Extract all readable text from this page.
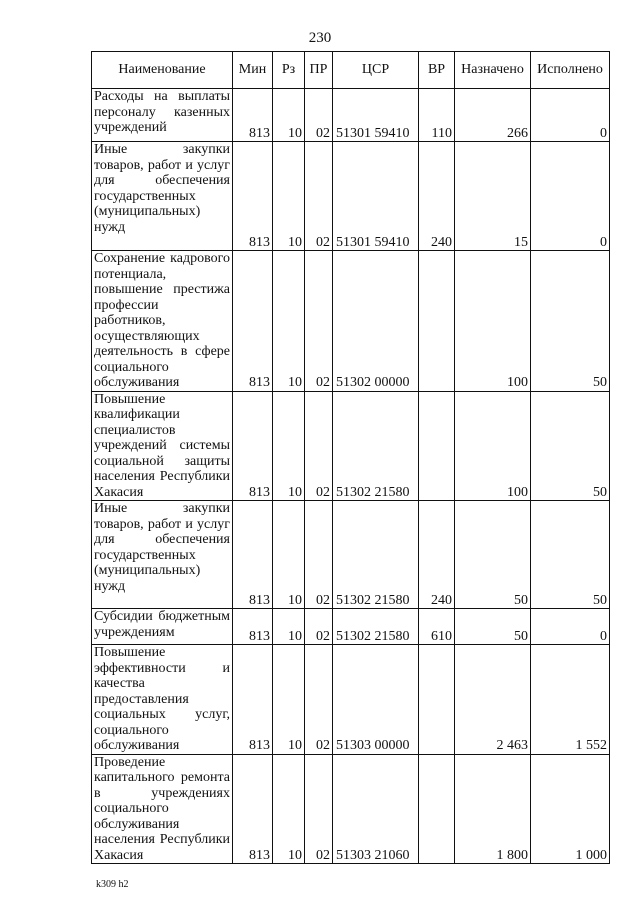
230
Наименование	Мин	Рз	ПР	ЦСР	ВР	Назначено	Исполнено
Расходы на выплаты персоналу казенных учреждений	813	10	02	51301 59410	110	266	0
Иные закупки товаров, работ и услуг для обеспечения государственных (муниципальных) нужд	813	10	02	51301 59410	240	15	0
Сохранение кадрового потенциала, повышение престижа профессии работников, осуществляющих деятельность в сфере социального обслуживания	813	10	02	51302 00000		100	50
Повышение квалификации специалистов учреждений системы социальной защиты населения Республики Хакасия	813	10	02	51302 21580		100	50
Иные закупки товаров, работ и услуг для обеспечения государственных (муниципальных) нужд	813	10	02	51302 21580	240	50	50
Субсидии бюджетным учреждениям	813	10	02	51302 21580	610	50	0
Повышение эффективности и качества предоставления социальных услуг, социального обслуживания	813	10	02	51303 00000		2 463	1 552
Проведение капитального ремонта в учреждениях социального обслуживания населения Республики Хакасия	813	10	02	51303 21060		1 800	1 000
k309 h2
